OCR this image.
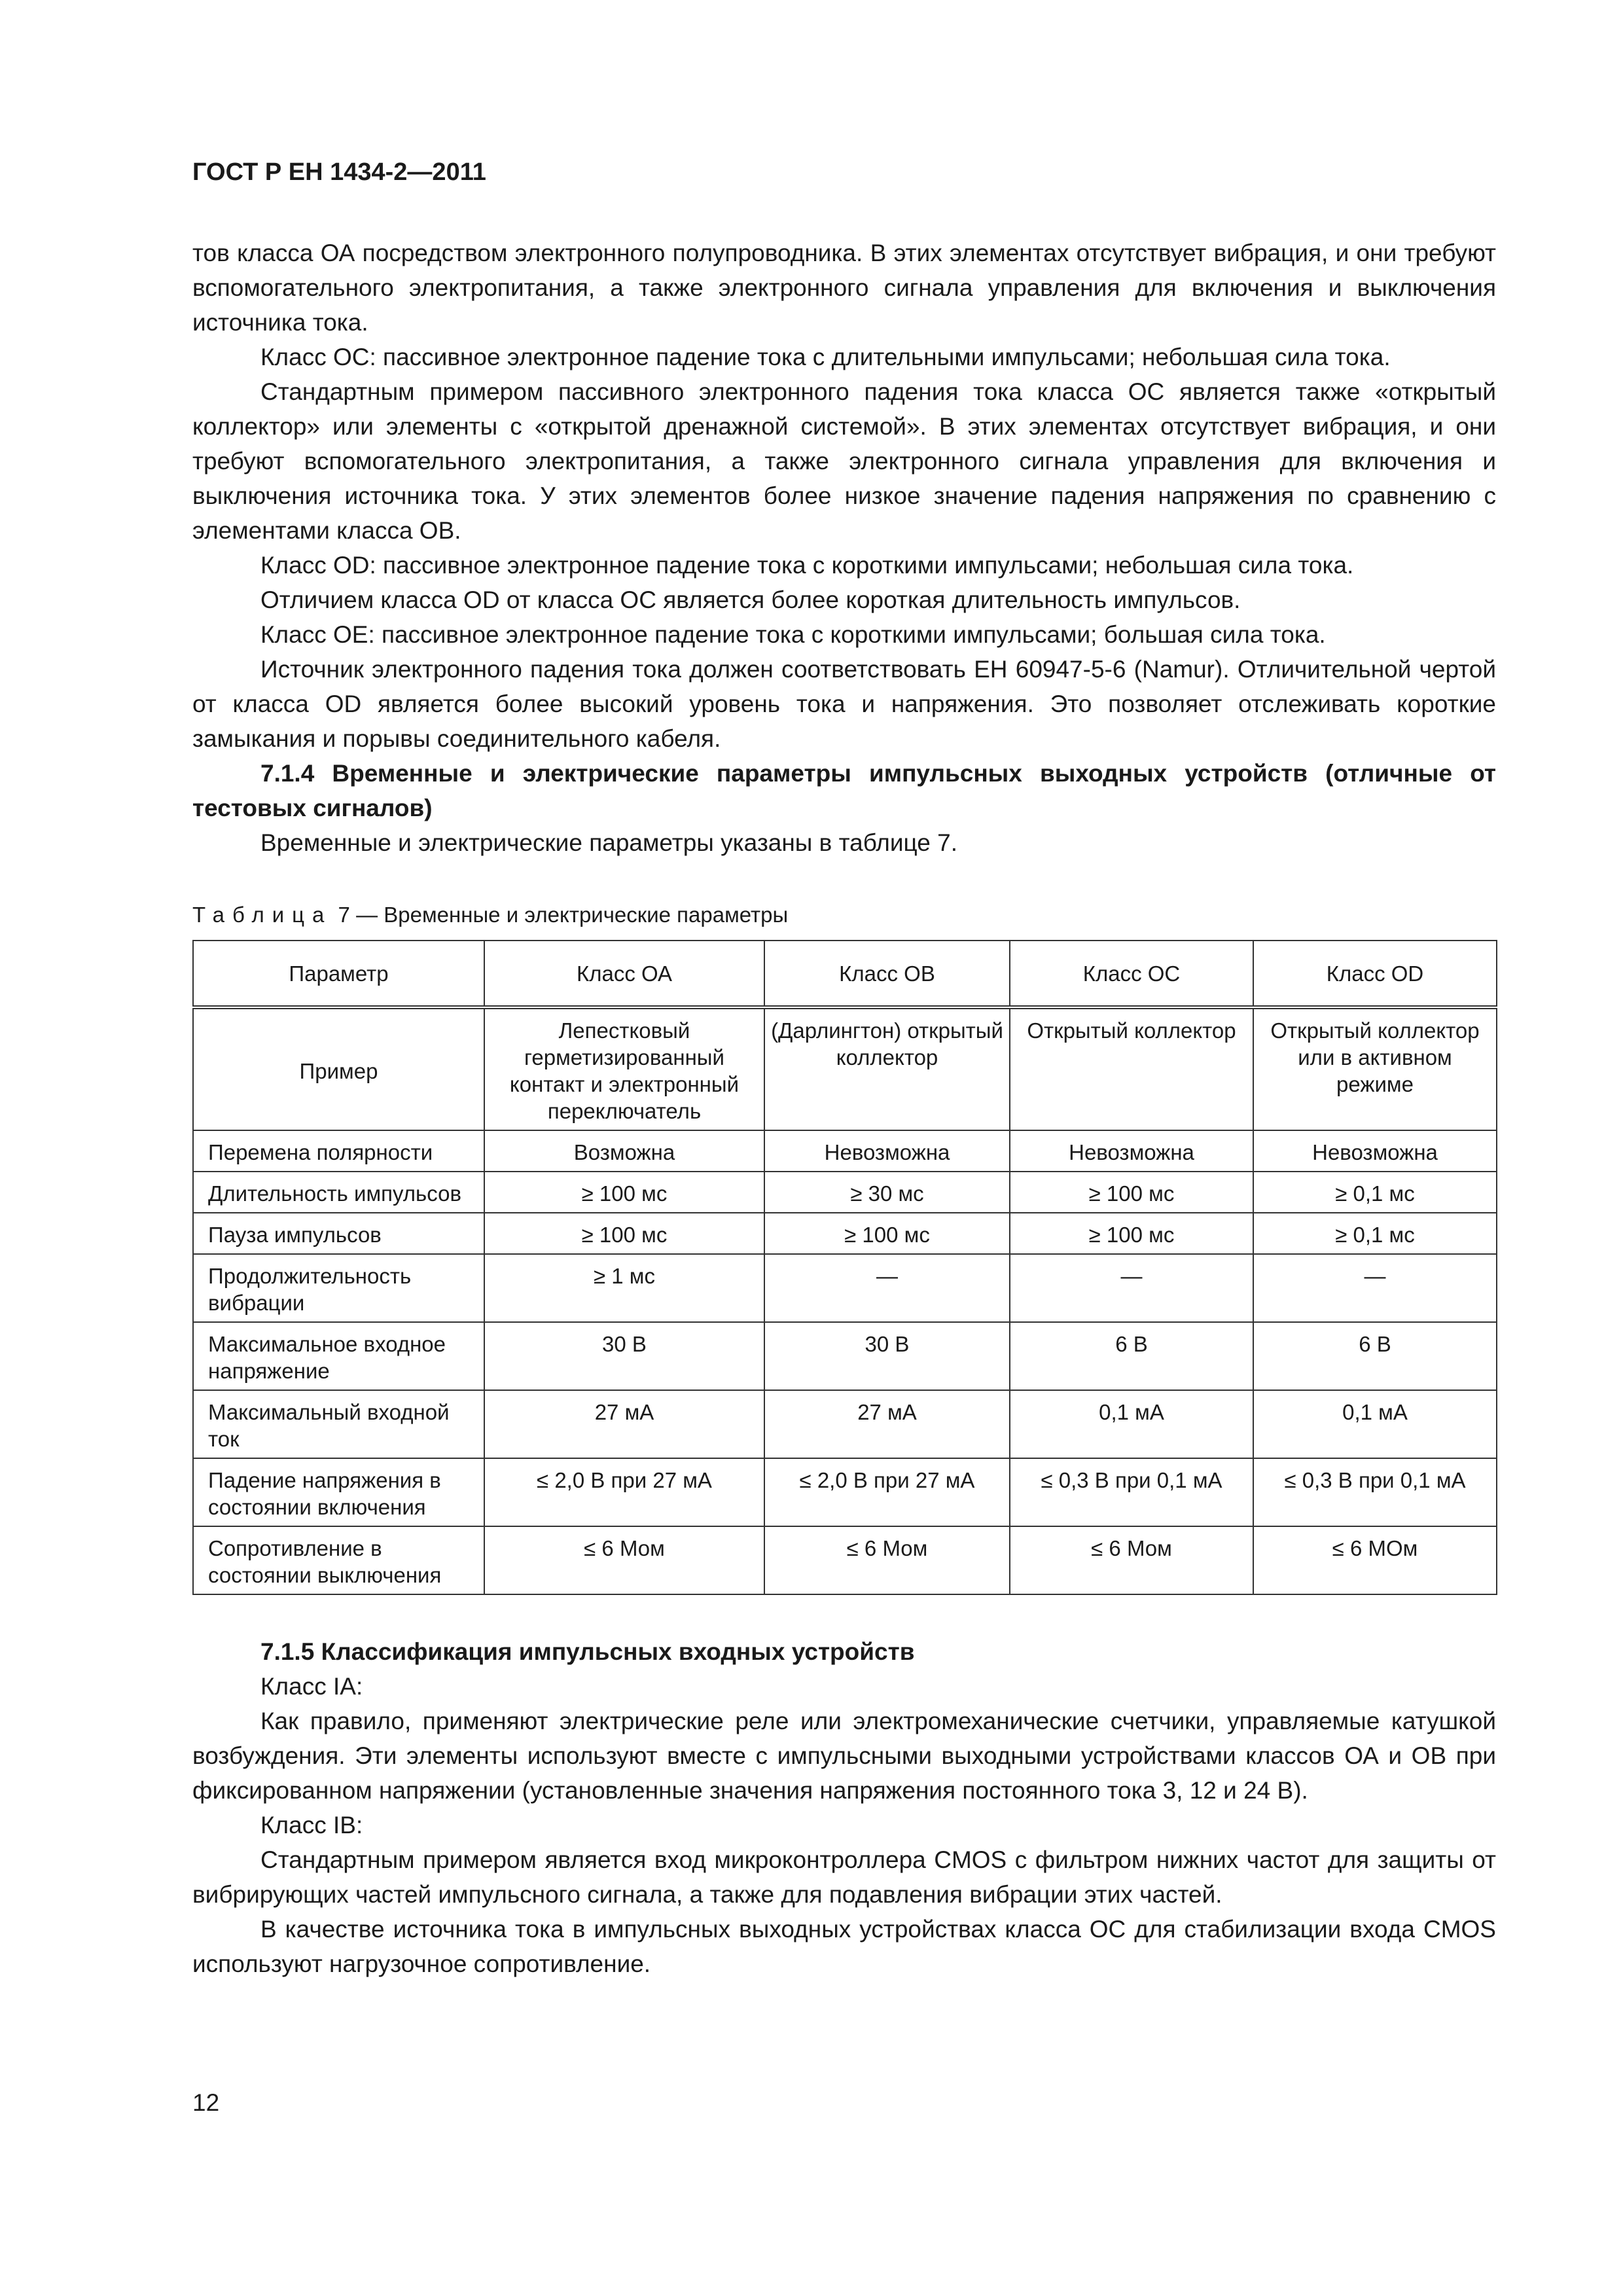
ГОСТ Р ЕН 1434-2—2011

тов класса ОА посредством электронного полупроводника. В этих элементах отсутствует вибрация, и они требуют вспомогательного электропитания, а также электронного сигнала управления для включения и выключения источника тока.

Класс ОС: пассивное электронное падение тока с длительными импульсами; небольшая сила тока.

Стандартным примером пассивного электронного падения тока класса ОС является также «открытый коллектор» или элементы с «открытой дренажной системой». В этих элементах отсутствует вибрация, и они требуют вспомогательного электропитания, а также электронного сигнала управления для включения и выключения источника тока. У этих элементов более низкое значение падения напряжения по сравнению с элементами класса ОВ.

Класс OD: пассивное электронное падение тока с короткими импульсами; небольшая сила тока.

Отличием класса OD от класса ОС является более короткая длительность импульсов.

Класс ОЕ: пассивное электронное падение тока с короткими импульсами; большая сила тока.

Источник электронного падения тока должен соответствовать ЕН 60947-5-6 (Namur). Отличительной чертой от класса OD является более высокий уровень тока и напряжения. Это позволяет отслеживать короткие замыкания и порывы соединительного кабеля.

7.1.4 Временные и электрические параметры импульсных выходных устройств (отличные от тестовых сигналов)

Временные и электрические параметры указаны в таблице 7.

Таблица 7 — Временные и электрические параметры
Параметр	Класс ОА	Класс ОВ	Класс ОС	Класс OD
Пример	Лепестковый герметизированный контакт и электронный переключатель	(Дарлингтон) открытый коллектор	Открытый коллектор	Открытый коллектор или в активном режиме
Перемена полярности	Возможна	Невозможна	Невозможна	Невозможна
Длительность импульсов	≥ 100 мс	≥ 30 мс	≥ 100 мс	≥ 0,1 мс
Пауза импульсов	≥ 100 мс	≥ 100 мс	≥ 100 мс	≥ 0,1 мс
Продолжительность вибрации	≥ 1 мс	—	—	—
Максимальное входное напряжение	30 В	30 В	6 В	6 В
Максимальный входной ток	27 мА	27 мА	0,1 мА	0,1 мА
Падение напряжения в состоянии включения	≤ 2,0 В при 27 мА	≤ 2,0 В при 27 мА	≤ 0,3 В при 0,1 мА	≤ 0,3 В при 0,1 мА
Сопротивление в состоянии выключения	≤ 6 Мом	≤ 6 Мом	≤ 6 Мом	≤ 6 МОм

7.1.5 Классификация импульсных входных устройств

Класс IA:

Как правило, применяют электрические реле или электромеханические счетчики, управляемые катушкой возбуждения. Эти элементы используют вместе с импульсными выходными устройствами классов ОА и ОВ при фиксированном напряжении (установленные значения напряжения постоянного тока 3, 12 и 24 В).

Класс IB:

Стандартным примером является вход микроконтроллера CMOS с фильтром нижних частот для защиты от вибрирующих частей импульсного сигнала, а также для подавления вибрации этих частей.

В качестве источника тока в импульсных выходных устройствах класса ОС для стабилизации входа CMOS используют нагрузочное сопротивление.

12
